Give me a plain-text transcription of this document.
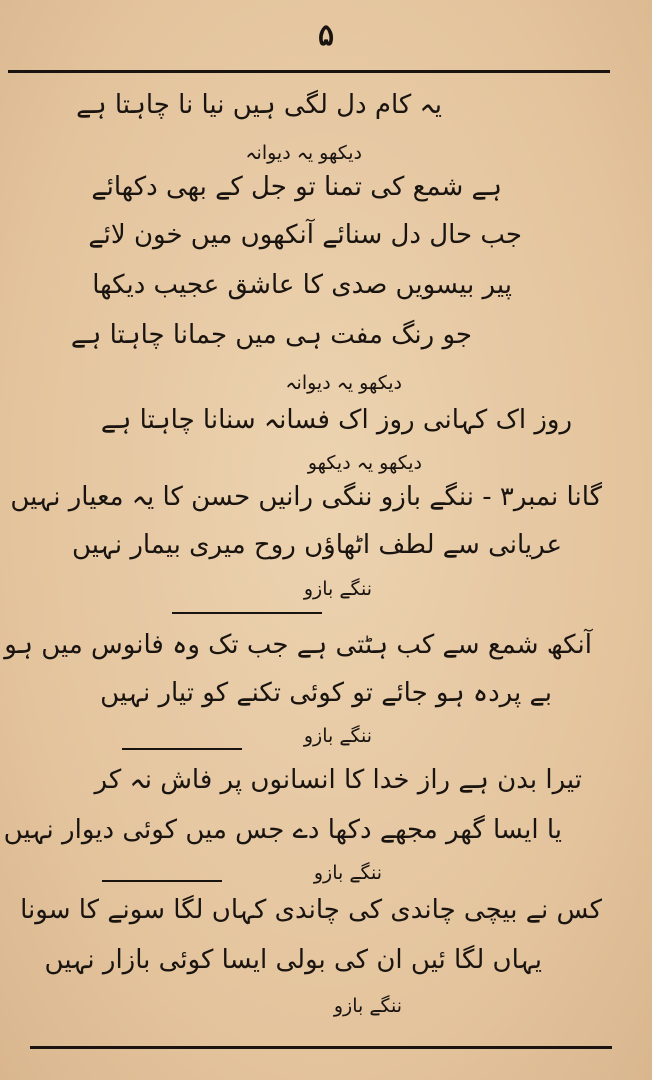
۵
یہ کام دل لگی ہیں نیا نا چاہتا ہے
دیکھو یہ دیوانہ
ہے شمع کی تمنا تو جل کے بھی دکھائے
جب حال دل سنائے آنکھوں میں خون لائے
پیر بیسویں صدی کا عاشق عجیب دیکھا
جو رنگ مفت ہی میں جمانا چاہتا ہے
دیکھو یہ دیوانہ
روز اک کہانی روز اک فسانہ سنانا چاہتا ہے
دیکھو یہ دیکھو
گانا نمبر۳ - ننگے بازو ننگی رانیں حسن کا یہ معیار نہیں
عریانی سے لطف اٹھاؤں روح میری بیمار نہیں
ننگے بازو
آنکھ شمع سے کب ہٹتی ہے جب تک وہ فانوس میں ہو
بے پردہ ہو جائے تو کوئی تکنے کو تیار نہیں
ننگے بازو
تیرا بدن ہے راز خدا کا انسانوں پر فاش نہ کر
یا ایسا گھر مجھے دکھا دے جس میں کوئی دیوار نہیں
ننگے بازو
کس نے بیچی چاندی کی چاندی کہاں لگا سونے کا سونا
یہاں لگا ئیں ان کی بولی ایسا کوئی بازار نہیں
ننگے بازو
